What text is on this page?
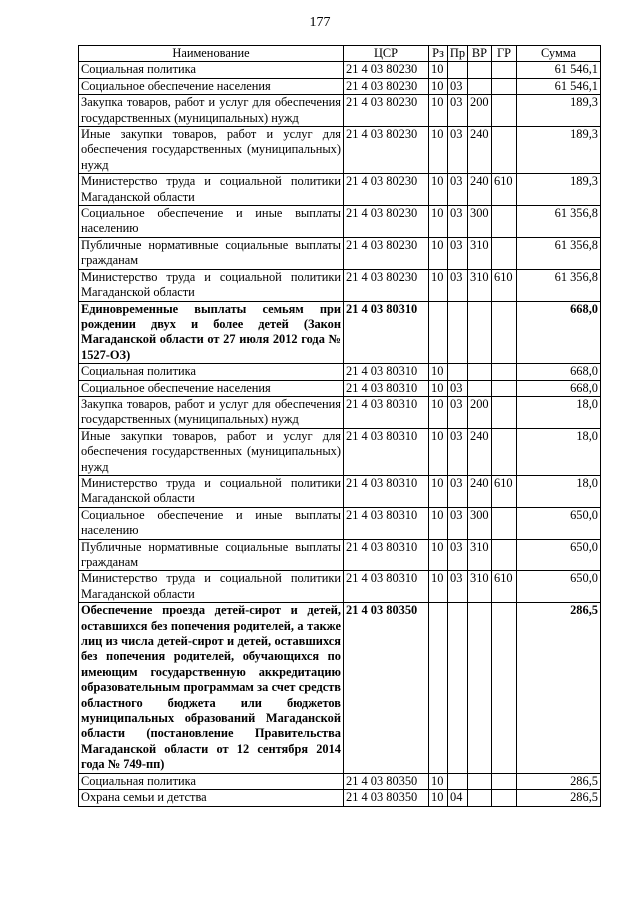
177
Наименование	ЦСР	Рз	Пр	ВР	ГР	Сумма
Социальная политика	21 4 03 80230	10				61 546,1
Социальное обеспечение населения	21 4 03 80230	10	03			61 546,1
Закупка товаров, работ и услуг для обеспечения государственных (муниципальных) нужд	21 4 03 80230	10	03	200		189,3
Иные закупки товаров, работ и услуг для обеспечения государственных (муниципальных) нужд	21 4 03 80230	10	03	240		189,3
Министерство труда и социальной политики Магаданской области	21 4 03 80230	10	03	240	610	189,3
Социальное обеспечение и иные выплаты населению	21 4 03 80230	10	03	300		61 356,8
Публичные нормативные социальные выплаты гражданам	21 4 03 80230	10	03	310		61 356,8
Министерство труда и социальной политики Магаданской области	21 4 03 80230	10	03	310	610	61 356,8
Единовременные выплаты семьям при рождении двух и более детей (Закон Магаданской области от 27 июля 2012 года № 1527-ОЗ)	21 4 03 80310					668,0
Социальная политика	21 4 03 80310	10				668,0
Социальное обеспечение населения	21 4 03 80310	10	03			668,0
Закупка товаров, работ и услуг для обеспечения государственных (муниципальных) нужд	21 4 03 80310	10	03	200		18,0
Иные закупки товаров, работ и услуг для обеспечения государственных (муниципальных) нужд	21 4 03 80310	10	03	240		18,0
Министерство труда и социальной политики Магаданской области	21 4 03 80310	10	03	240	610	18,0
Социальное обеспечение и иные выплаты населению	21 4 03 80310	10	03	300		650,0
Публичные нормативные социальные выплаты гражданам	21 4 03 80310	10	03	310		650,0
Министерство труда и социальной политики Магаданской области	21 4 03 80310	10	03	310	610	650,0
Обеспечение проезда детей-сирот и детей, оставшихся без попечения родителей, а также лиц из числа детей-сирот и детей, оставшихся без попечения родителей, обучающихся по имеющим государственную аккредитацию образовательным программам за счет средств областного бюджета или бюджетов муниципальных образований Магаданской области (постановление Правительства Магаданской области от 12 сентября 2014 года № 749-пп)	21 4 03 80350					286,5
Социальная политика	21 4 03 80350	10				286,5
Охрана семьи и детства	21 4 03 80350	10	04			286,5
